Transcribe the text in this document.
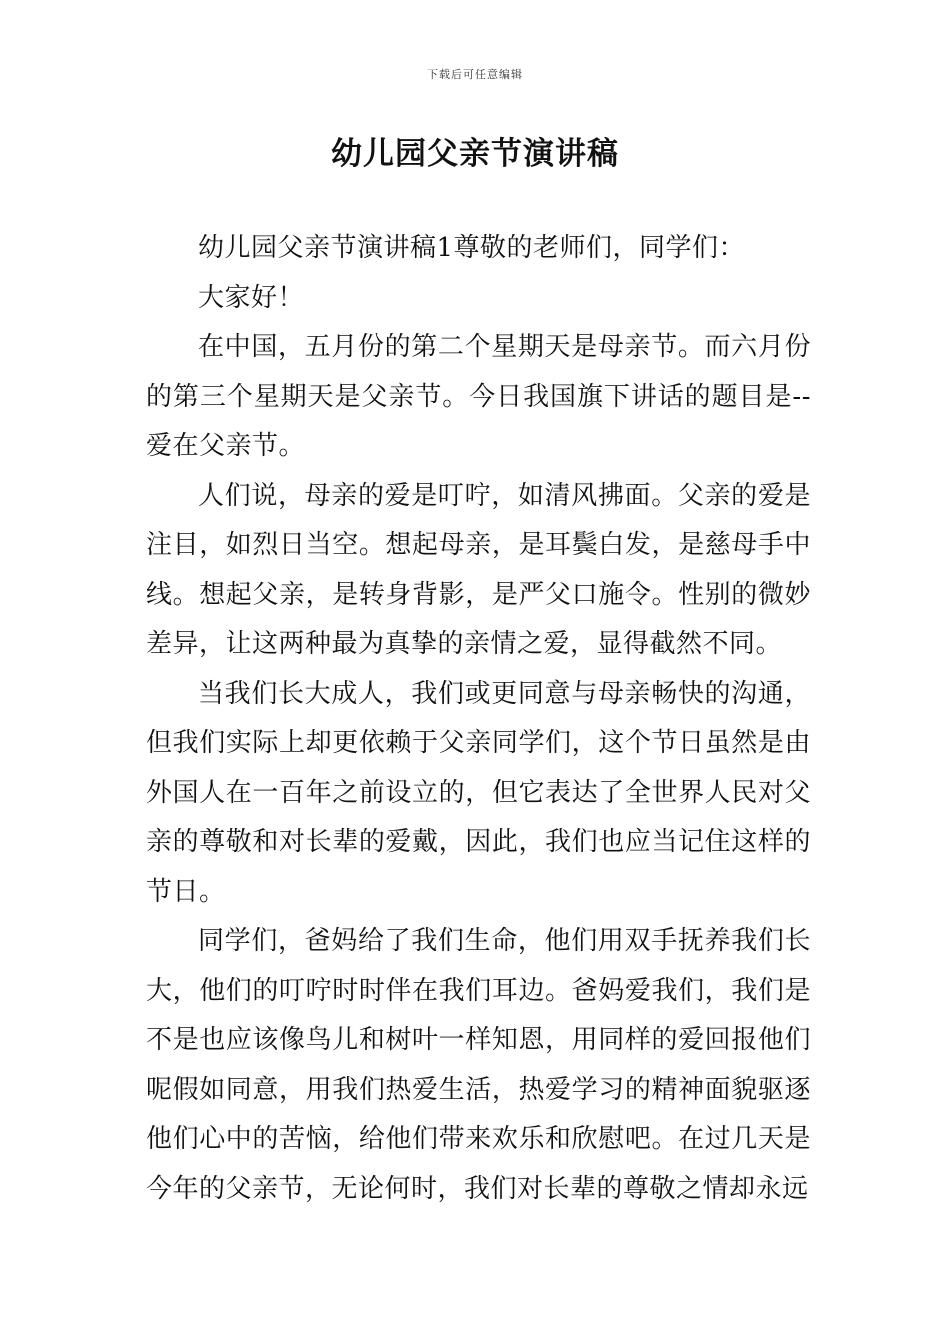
下载后可任意编辑
幼儿园父亲节演讲稿

幼儿园父亲节演讲稿1尊敬的老师们，同学们：

大家好！

在中国，五月份的第二个星期天是母亲节。而六月份的第三个星期天是父亲节。今日我国旗下讲话的题目是--爱在父亲节。

人们说，母亲的爱是叮咛，如清风拂面。父亲的爱是注目，如烈日当空。想起母亲，是耳鬓白发，是慈母手中线。想起父亲，是转身背影，是严父口施令。性别的微妙差异，让这两种最为真挚的亲情之爱，显得截然不同。

当我们长大成人，我们或更同意与母亲畅快的沟通，但我们实际上却更依赖于父亲同学们，这个节日虽然是由外国人在一百年之前设立的，但它表达了全世界人民对父亲的尊敬和对长辈的爱戴，因此，我们也应当记住这样的节日。

同学们，爸妈给了我们生命，他们用双手抚养我们长大，他们的叮咛时时伴在我们耳边。爸妈爱我们，我们是不是也应该像鸟儿和树叶一样知恩，用同样的爱回报他们呢假如同意，用我们热爱生活，热爱学习的精神面貌驱逐他们心中的苦恼，给他们带来欢乐和欣慰吧。在过几天是今年的父亲节，无论何时，我们对长辈的尊敬之情却永远
